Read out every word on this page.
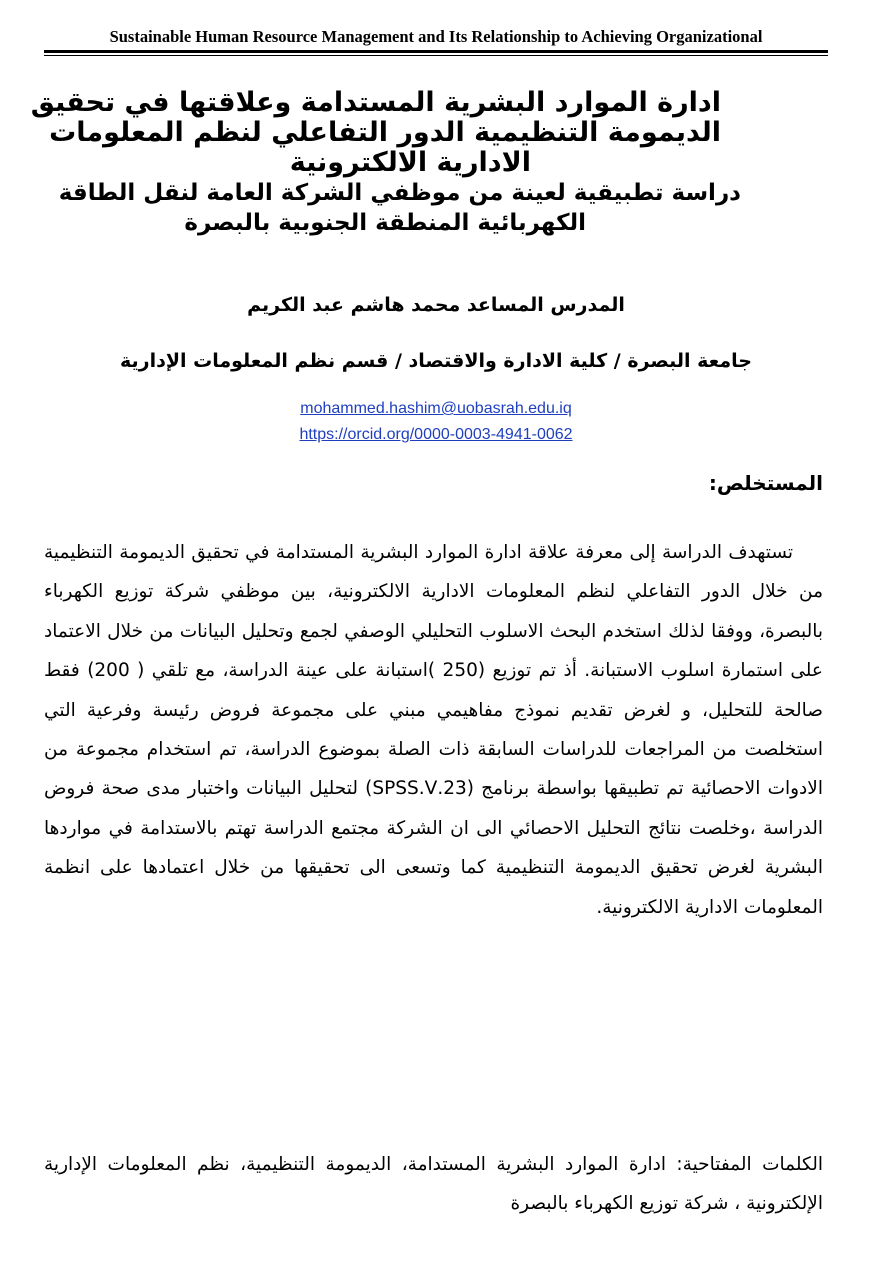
Sustainable Human Resource Management and Its Relationship to Achieving Organizational
ادارة الموارد البشرية المستدامة وعلاقتها في تحقيق
الديمومة التنظيمية الدور التفاعلي لنظم المعلومات
الادارية الالكترونية
دراسة تطبيقية لعينة من موظفي الشركة العامة لنقل الطاقة
الكهربائية المنطقة الجنوبية بالبصرة
المدرس المساعد محمد هاشم عبد الكريم
جامعة البصرة / كلية الادارة والاقتصاد / قسم نظم المعلومات الإدارية
mohammed.hashim@uobasrah.edu.iq
https://orcid.org/0000-0003-4941-0062
المستخلص:

تستهدف الدراسة إلى معرفة علاقة ادارة الموارد البشرية المستدامة في تحقيق الديمومة التنظيمية من خلال الدور التفاعلي لنظم المعلومات الادارية الالكترونية، بين موظفي شركة توزيع الكهرباء بالبصرة، ووفقا لذلك استخدم البحث الاسلوب التحليلي الوصفي لجمع وتحليل البيانات من خلال الاعتماد على استمارة اسلوب الاستبانة. أذ تم توزيع (250 )استبانة على عينة الدراسة، مع تلقي ( 200) فقط صالحة للتحليل، و لغرض تقديم نموذج مفاهيمي مبني على مجموعة فروض رئيسة وفرعية التي استخلصت من المراجعات للدراسات السابقة ذات الصلة بموضوع الدراسة، تم استخدام مجموعة من الادوات الاحصائية تم تطبيقها بواسطة برنامج (23.SPSS.V) لتحليل البيانات واختبار مدى صحة فروض الدراسة ،وخلصت نتائج التحليل الاحصائي الى ان الشركة مجتمع الدراسة تهتم بالاستدامة في مواردها البشرية لغرض تحقيق الديمومة التنظيمية كما وتسعى الى تحقيقها من خلال اعتمادها على انظمة المعلومات الادارية الالكترونية.

الكلمات المفتاحية: ادارة الموارد البشرية المستدامة، الديمومة التنظيمية، نظم المعلومات الإدارية الإلكترونية ، شركة توزيع الكهرباء بالبصرة
